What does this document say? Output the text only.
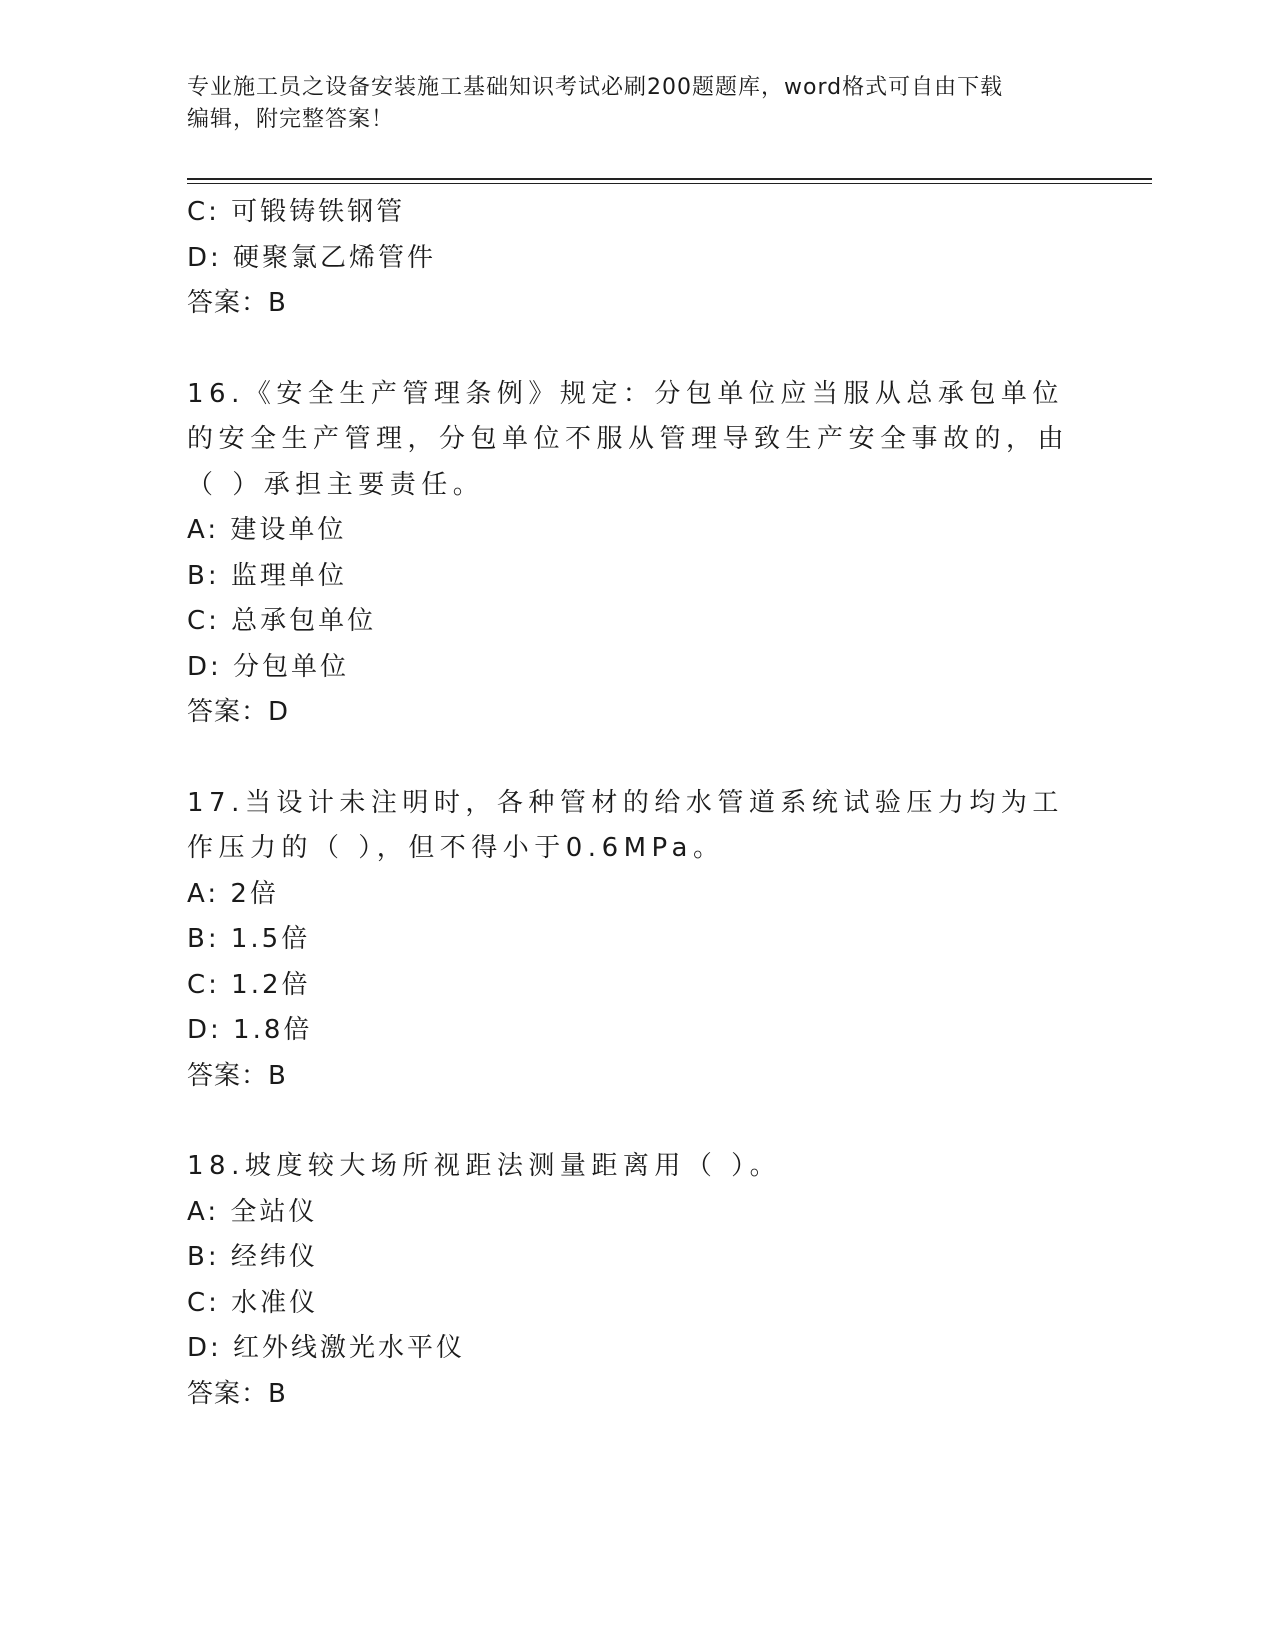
专业施工员之设备安装施工基础知识考试必刷200题题库，word格式可自由下载
编辑，附完整答案！
C: 可锻铸铁钢管
D: 硬聚氯乙烯管件
答案：B
16.《安全生产管理条例》规定：分包单位应当服从总承包单位的安全生产管理，分包单位不服从管理导致生产安全事故的，由（ ）承担主要责任。
A: 建设单位
B: 监理单位
C: 总承包单位
D: 分包单位
答案：D
17.当设计未注明时，各种管材的给水管道系统试验压力均为工作压力的（ ），但不得小于0.6MPa。
A: 2倍
B: 1.5倍
C: 1.2倍
D: 1.8倍
答案：B
18.坡度较大场所视距法测量距离用（ ）。
A: 全站仪
B: 经纬仪
C: 水准仪
D: 红外线激光水平仪
答案：B
